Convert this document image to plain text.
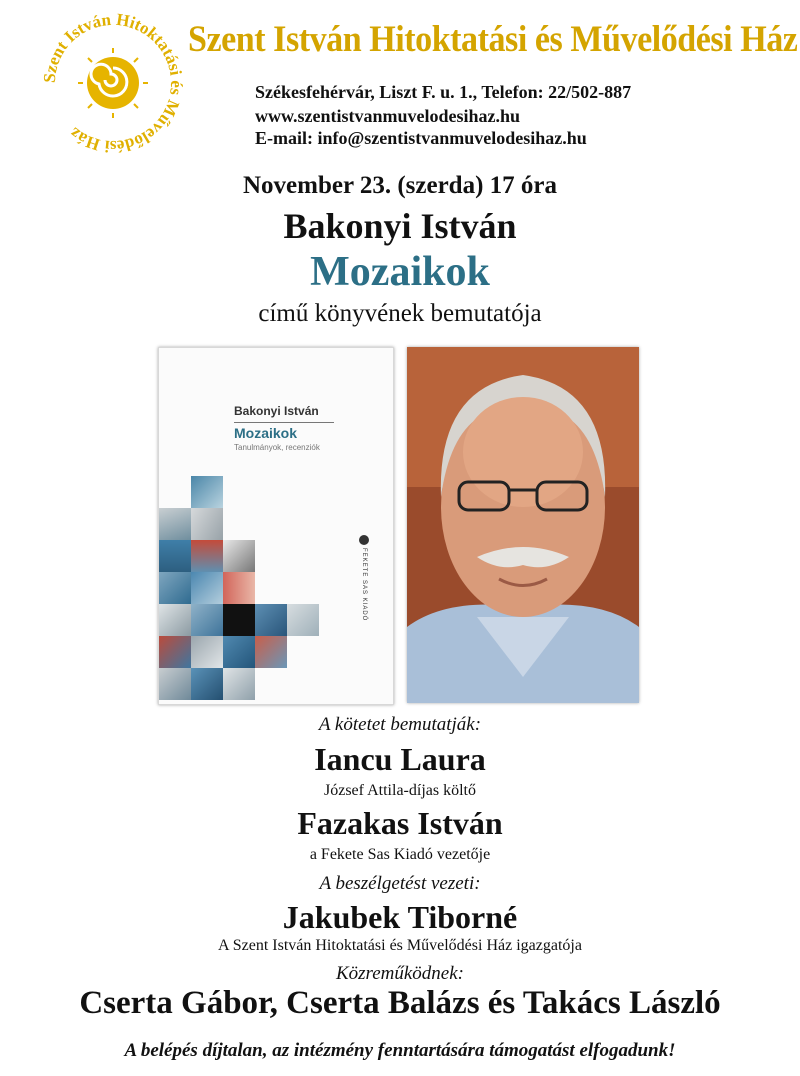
Szent István Hitoktatási és Művelődési Ház
Szent István Hitoktatási és Művelődési Ház
Székesfehérvár, Liszt F. u. 1., Telefon: 22/502-887
www.szentistvanmuvelodesihaz.hu
E-mail: info@szentistvanmuvelodesihaz.hu
November 23. (szerda) 17 óra
Bakonyi István
Mozaikok
című könyvének bemutatója
Bakonyi István
Mozaikok
Tanulmányok, recenziók
FEKETE SAS KIADÓ
A kötetet bemutatják:
Iancu Laura
József Attila-díjas költő
Fazakas István
a Fekete Sas Kiadó vezetője
A beszélgetést vezeti:
Jakubek Tiborné
A Szent István Hitoktatási és Művelődési Ház igazgatója
Közreműködnek:
Cserta Gábor, Cserta Balázs és Takács László
A belépés díjtalan, az intézmény fenntartására támogatást elfogadunk!
